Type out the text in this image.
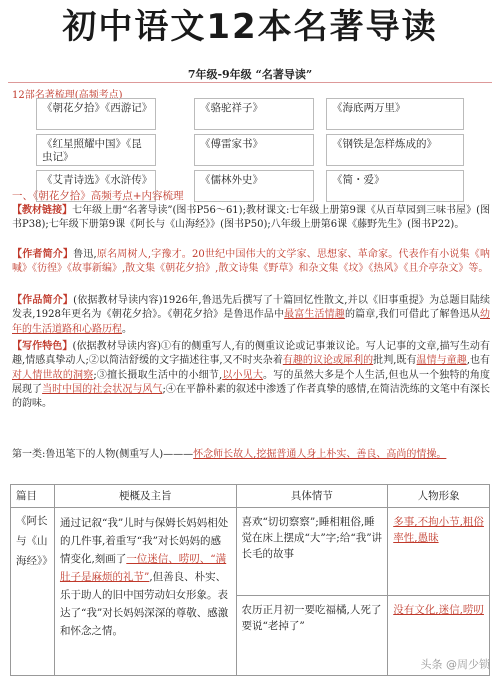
初中语文12本名著导读
7年级-9年级 “名著导读”
12部名著梳理(高频考点)
《朝花夕拾》《西游记》	《骆驼祥子》	《海底两万里》
《红星照耀中国》《昆虫记》
《傅雷家书》	《钢铁是怎样炼成的》
《艾青诗选》《水浒传》	《儒林外史》	《简・爱》
一、《朝花夕拾》高频考点+内容梳理
【教材链接】七年级上册“名著导读”(图书P56～61);教材课文:七年级上册第9课《从百草园到三味书屋》(图书P38);七年级下册第9课《阿长与《山海经》》(图书P50);八年级上册第6课《藤野先生》(图书P22)。
【作者简介】鲁迅,原名周树人,字豫才。20世纪中国伟大的文学家、思想家、革命家。代表作有小说集《呐喊》《彷徨》《故事新编》,散文集《朝花夕拾》,散文诗集《野草》和杂文集《坟》《热风》《且介亭杂文》等。
【作品简介】(依据教材导读内容)1926年,鲁迅先后撰写了十篇回忆性散文,并以《旧事重提》为总题目陆续发表,1928年更名为《朝花夕拾》。《朝花夕拾》是鲁迅作品中最富生活情趣的篇章,我们可借此了解鲁迅从幼年的生活道路和心路历程。
【写作特色】(依据教材导读内容)①有的侧重写人,有的侧重议论或记事兼议论。写人记事的文章,描写生动有趣,情感真挚动人;②以简洁舒缓的文字描述往事,又不时夹杂着有趣的议论或犀利的批判,既有温情与童趣,也有对人情世故的洞察;③擅长摄取生活中的小细节,以小见大。写的虽然大多是个人生活,但也从一个独特的角度展现了当时中国的社会状况与风气;④在平静朴素的叙述中渗透了作者真挚的感情,在简洁洗练的文笔中有深长的韵味。
第一类:鲁迅笔下的人物(侧重写人)———怀念师长故人,挖掘普通人身上朴实、善良、高尚的情操。
篇目	梗概及主旨	具体情节	人物形象
《阿长与《山海经》》	通过记叙“我”儿时与保姆长妈妈相处的几件事,着重写“我”对长妈妈的感情变化,刻画了一位迷信、唠叨、“满肚子是麻烦的礼节”,但善良、朴实、乐于助人的旧中国劳动妇女形象。表达了“我”对长妈妈深深的尊敬、感激和怀念之情。	喜欢“切切察察”;睡相粗俗,睡觉在床上摆成“大”字;给“我”讲长毛的故事	多事,不拘小节,粗俗率性,愚昧
		农历正月初一要吃福橘,人死了要说“老掉了”	没有文化,迷信,唠叨
头条 @周少锁
